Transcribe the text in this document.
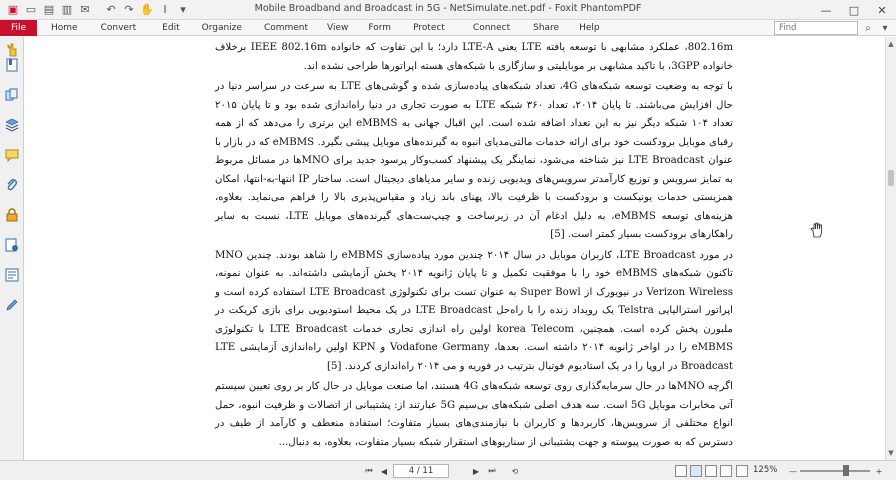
▣ ▭ ▤ ▥ ✉	↶ ↷ ✋ I	▾	Mobile Broadband and Broadcast in 5G - NetSimulate.net.pdf - Foxit PhantomPDF	—	□	✕
File	Home	Convert	Edit Organize Comment View Form Protect	Connect	Share Help
Find	⌕	▾

802.16m، عملکرد مشابهی با توسعه یافته LTE یعنی LTE-A دارد؛ با این تفاوت که خانواده IEEE 802.16m برخلاف خانواده 3GPP، با تاکید مشابهی بر موبایلیتی و سازگاری با شبکه‌های هسته اپراتورها طراحی نشده اند.

با توجه به وضعیت توسعه شبکه‌های 4G، تعداد شبکه‌های پیاده‌سازی شده و گوشی‌های LTE به سرعت در سراسر دنیا در حال افزایش می‌باشند. تا پایان ۲۰۱۴، تعداد ۳۶۰ شبکه LTE به صورت تجاری در دنیا راه‌اندازی شده بود و تا پایان ۲۰۱۵ تعداد ۱۰۴ شبکه دیگر نیز به این تعداد اضافه شده است. این اقبال جهانی به eMBMS این برتری را می‌دهد که از همه رقبای موبایل برودکست خود برای ارائه خدمات مالتی‌مدیای انبوه به گیرنده‌های موبایل پیشی بگیرد. eMBMS که در بازار با عنوان LTE Broadcast نیز شناخته می‌شود، نماینگر یک پیشنهاد کسب‌وکار پرسود جدید برای MNOها در مسائل مربوط به تمایز سرویس و توزیع کارآمدتر سرویس‌های ویدیویی زنده و سایر مدیاهای دیجیتال است. ساختار IP انتها-به-انتها، امکان همزیستی خدمات یونیکست و برودکست با ظرفیت بالا، پهنای باند زیاد و مقیاس‌پذیری بالا را فراهم می‌نماید. بعلاوه، هزینه‌های توسعه eMBMS، به دلیل ادغام آن در زیرساخت و چیپ‌ست‌های گیرنده‌های موبایل LTE، نسبت به سایر راهکارهای برودکست بسیار کمتر است. [5]

در مورد LTE Broadcast، کاربران موبایل در سال ۲۰۱۴ چندین مورد پیاده‌سازی eMBMS را شاهد بودند. چندین MNO تاکنون شبکه‌های eMBMS خود را با موفقیت تکمیل و تا پایان ژانویه ۲۰۱۴ پخش آزمایشی داشته‌اند. به عنوان نمونه، Verizon Wireless در نیویورک از Super Bowl به عنوان تست برای تکنولوژی LTE Broadcast استفاده کرده است و اپراتور استرالیایی Telstra یک رویداد زنده را با راه‌حل LTE Broadcast در یک محیط استودیویی برای بازی کریکت در ملبورن پخش کرده است. همچنین، korea Telecom اولین راه اندازی تجاری خدمات LTE Broadcast با تکنولوژی eMBMS را در اواخر ژانویه ۲۰۱۴ داشته است. بعدها، Vodafone Germany و KPN اولین راه‌اندازی آزمایشی LTE Broadcast در اروپا را در یک استادیوم فوتبال بترتیب در فوریه و می ۲۰۱۴ راه‌اندازی کردند. [5]

اگرچه MNOها در حال سرمایه‌گذاری روی توسعه شبکه‌های 4G هستند، اما صنعت موبایل در حال کار بر روی تعیین سیستم آتی مخابرات موبایل 5G است. سه هدف اصلی شبکه‌های بی‌سیم 5G عبارتند از: پشتیبانی از اتصالات و ظرفیت انبوه، حمل انواع مختلفی از سرویس‌ها، کاربردها و کاربران با نیازمندی‌های بسیار متفاوت؛ استفاده منعطف و کارآمد از طیف در دسترس که به صورت پیوسته و جهت پشتیبانی از سناریوهای استقرار شبکه بسیار متفاوت، بعلاوه، به دنبال...

▲
▼
⏮	◀	4 / 11	▶	⏭	⟲	125% —	+
